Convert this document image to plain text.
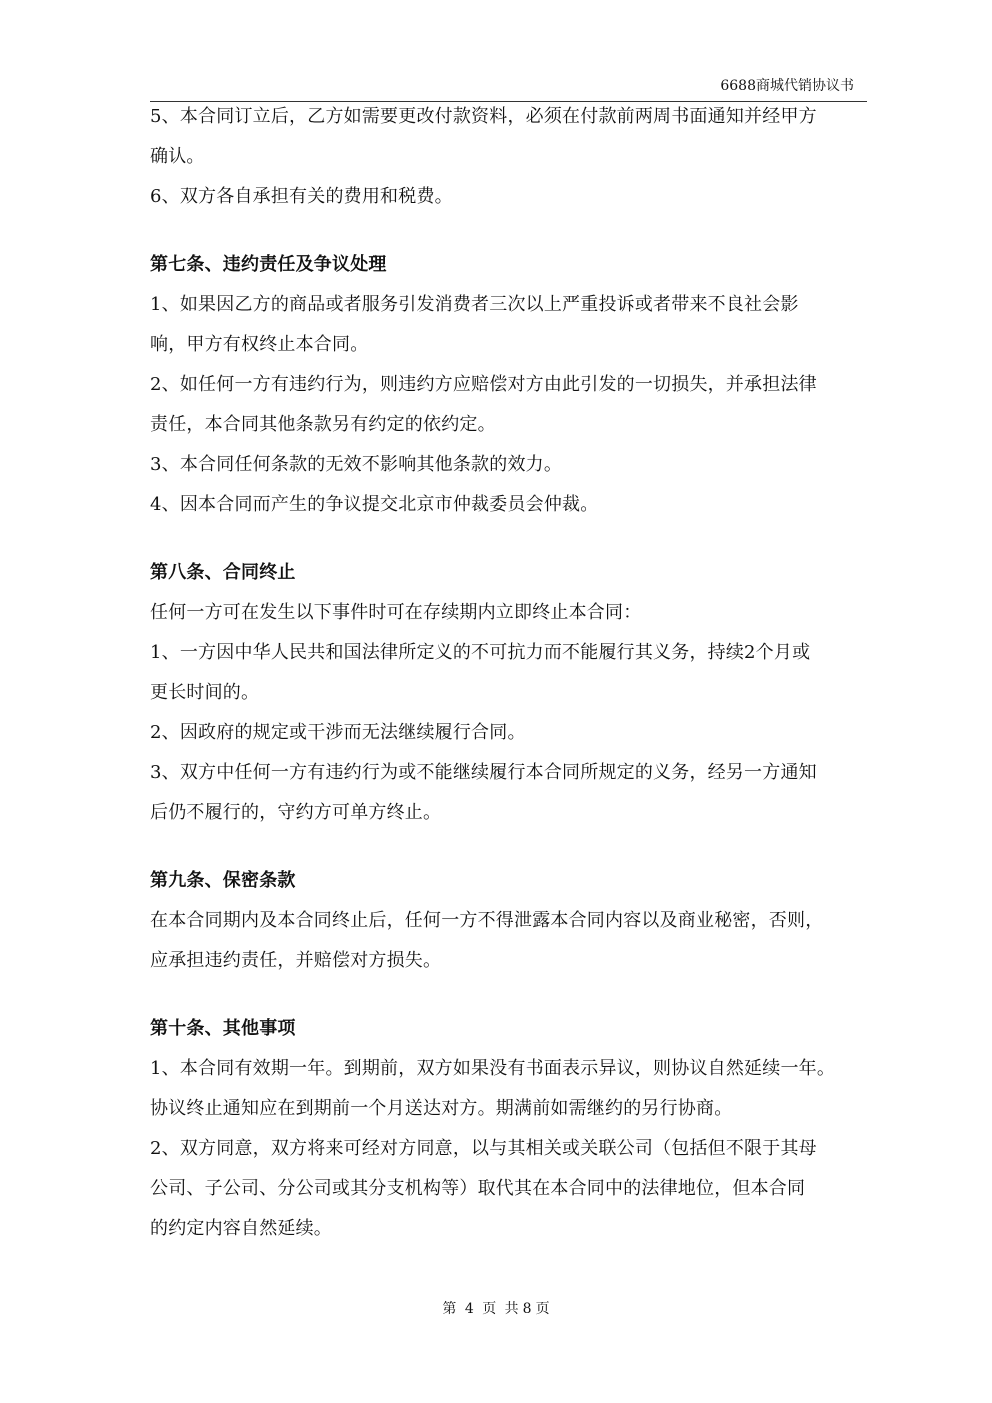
6688商城代销协议书
5、本合同订立后，乙方如需要更改付款资料，必须在付款前两周书面通知并经甲方
确认。
6、双方各自承担有关的费用和税费。
第七条、违约责任及争议处理
1、如果因乙方的商品或者服务引发消费者三次以上严重投诉或者带来不良社会影
响，甲方有权终止本合同。
2、如任何一方有违约行为，则违约方应赔偿对方由此引发的一切损失，并承担法律
责任，本合同其他条款另有约定的依约定。
3、本合同任何条款的无效不影响其他条款的效力。
4、因本合同而产生的争议提交北京市仲裁委员会仲裁。
第八条、合同终止
任何一方可在发生以下事件时可在存续期内立即终止本合同：
1、一方因中华人民共和国法律所定义的不可抗力而不能履行其义务，持续2个月或
更长时间的。
2、因政府的规定或干涉而无法继续履行合同。
3、双方中任何一方有违约行为或不能继续履行本合同所规定的义务，经另一方通知
后仍不履行的，守约方可单方终止。
第九条、保密条款
在本合同期内及本合同终止后，任何一方不得泄露本合同内容以及商业秘密，否则，
应承担违约责任，并赔偿对方损失。
第十条、其他事项
1、本合同有效期一年。到期前，双方如果没有书面表示异议，则协议自然延续一年。
协议终止通知应在到期前一个月送达对方。期满前如需继约的另行协商。
2、双方同意，双方将来可经对方同意，以与其相关或关联公司（包括但不限于其母
公司、子公司、分公司或其分支机构等）取代其在本合同中的法律地位，但本合同
的约定内容自然延续。
第 4 页 共 8 页
